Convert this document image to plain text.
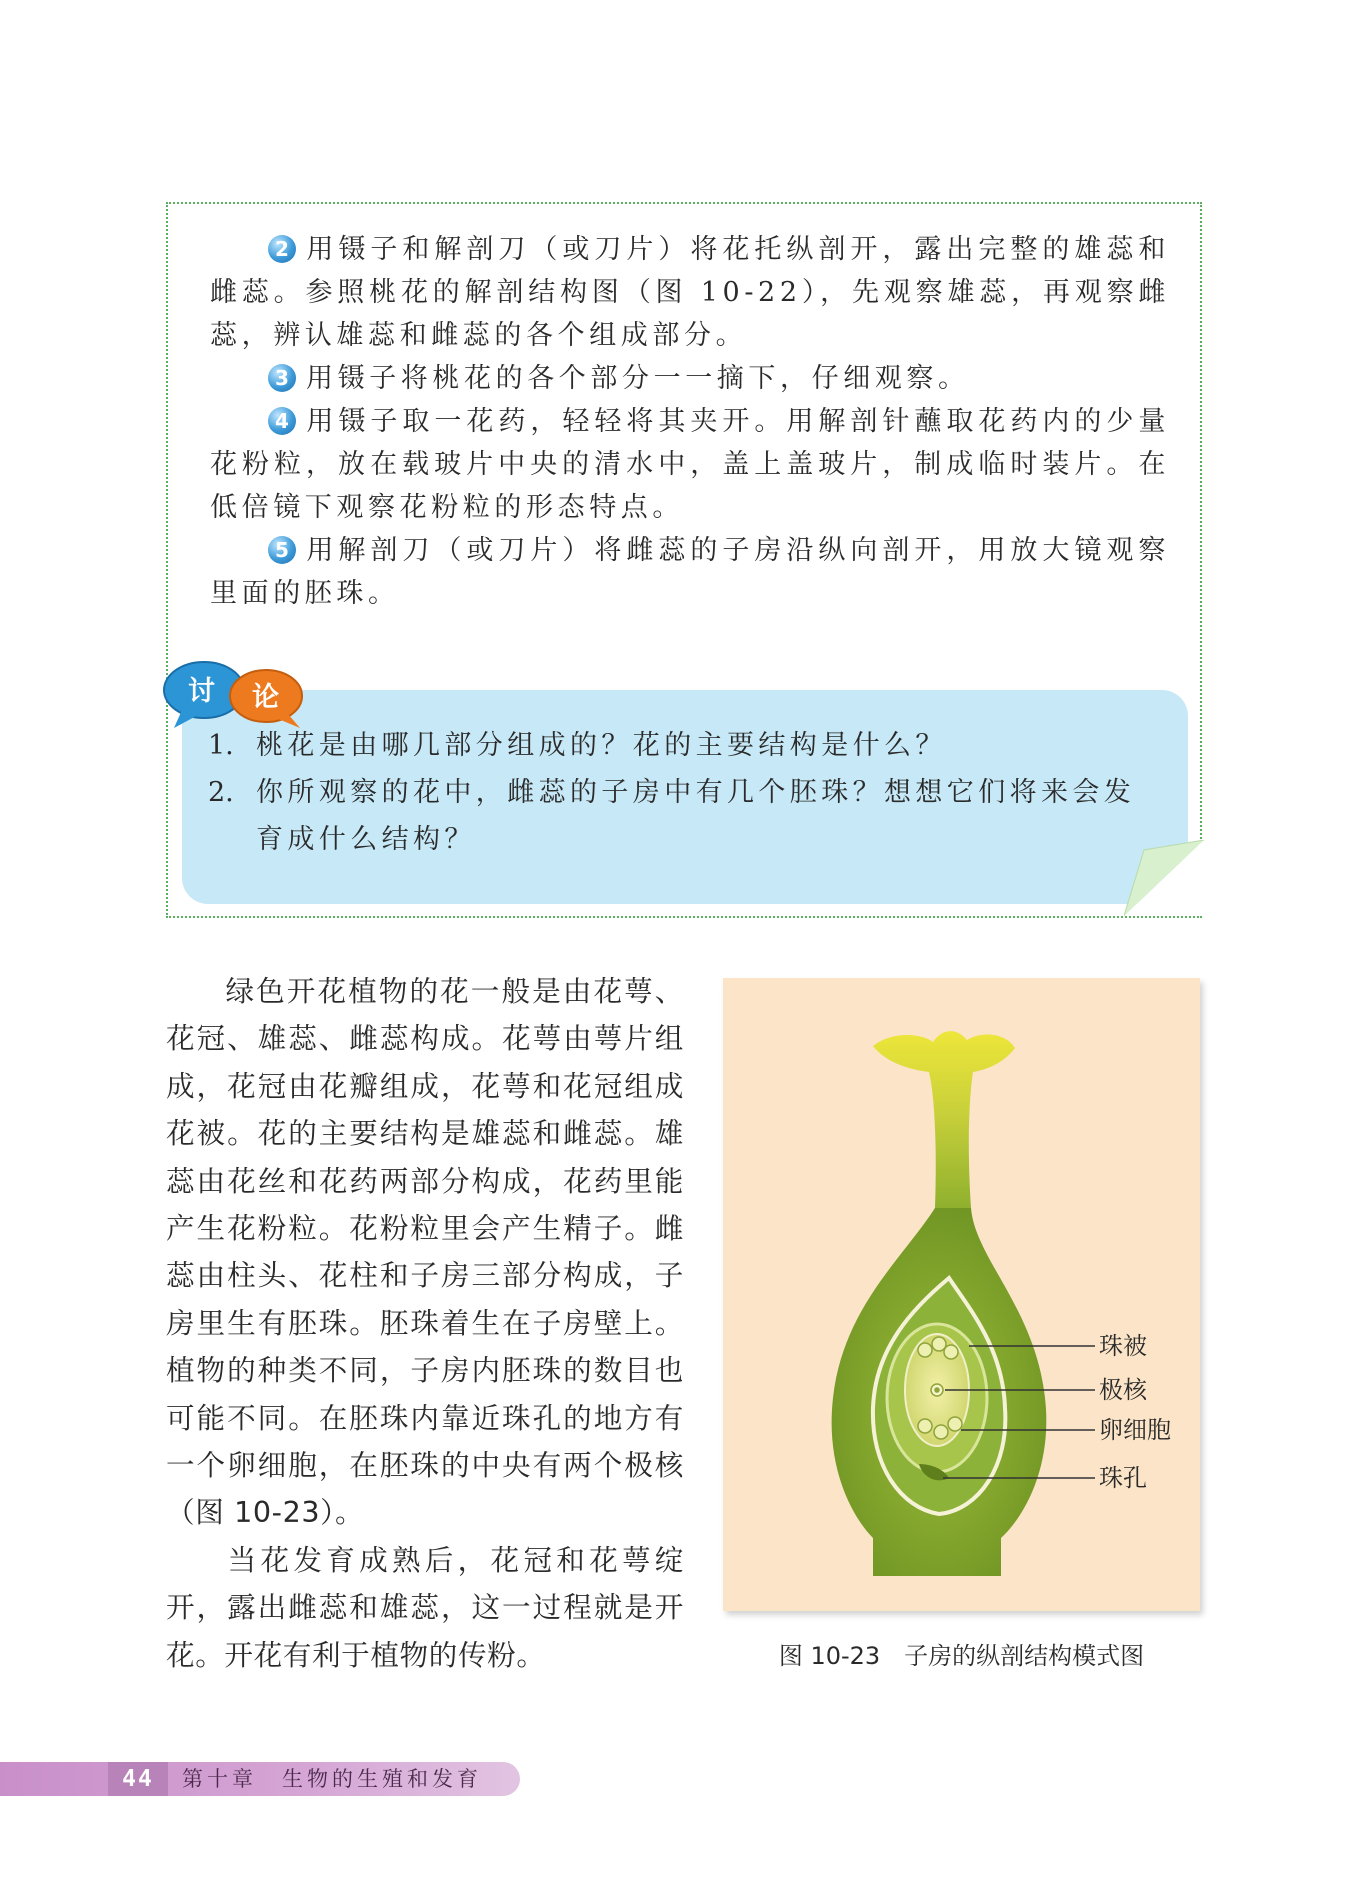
2 用镊子和解剖刀（或刀片）将花托纵剖开，露出完整的雄蕊和雌蕊。参照桃花的解剖结构图（图 10-22），先观察雄蕊，再观察雌蕊，辨认雄蕊和雌蕊的各个组成部分。

3 用镊子将桃花的各个部分一一摘下，仔细观察。

4 用镊子取一花药，轻轻将其夹开。用解剖针蘸取花药内的少量花粉粒，放在载玻片中央的清水中，盖上盖玻片，制成临时装片。在低倍镜下观察花粉粒的形态特点。

5 用解剖刀（或刀片）将雌蕊的子房沿纵向剖开，用放大镜观察里面的胚珠。

讨 论

1. 桃花是由哪几部分组成的？花的主要结构是什么？

2. 你所观察的花中，雌蕊的子房中有几个胚珠？想想它们将来会发
育成什么结构？

绿色开花植物的花一般是由花萼、花冠、雄蕊、雌蕊构成。花萼由萼片组成，花冠由花瓣组成，花萼和花冠组成花被。花的主要结构是雄蕊和雌蕊。雄蕊由花丝和花药两部分构成，花药里能产生花粉粒。花粉粒里会产生精子。雌蕊由柱头、花柱和子房三部分构成，子房里生有胚珠。胚珠着生在子房壁上。植物的种类不同，子房内胚珠的数目也可能不同。在胚珠内靠近珠孔的地方有一个卵细胞，在胚珠的中央有两个极核（图 10-23）。

当花发育成熟后，花冠和花萼绽开，露出雌蕊和雄蕊，这一过程就是开花。开花有利于植物的传粉。

珠被
极核
卵细胞
珠孔
图 10-23　子房的纵剖结构模式图
44	第十章　生物的生殖和发育
